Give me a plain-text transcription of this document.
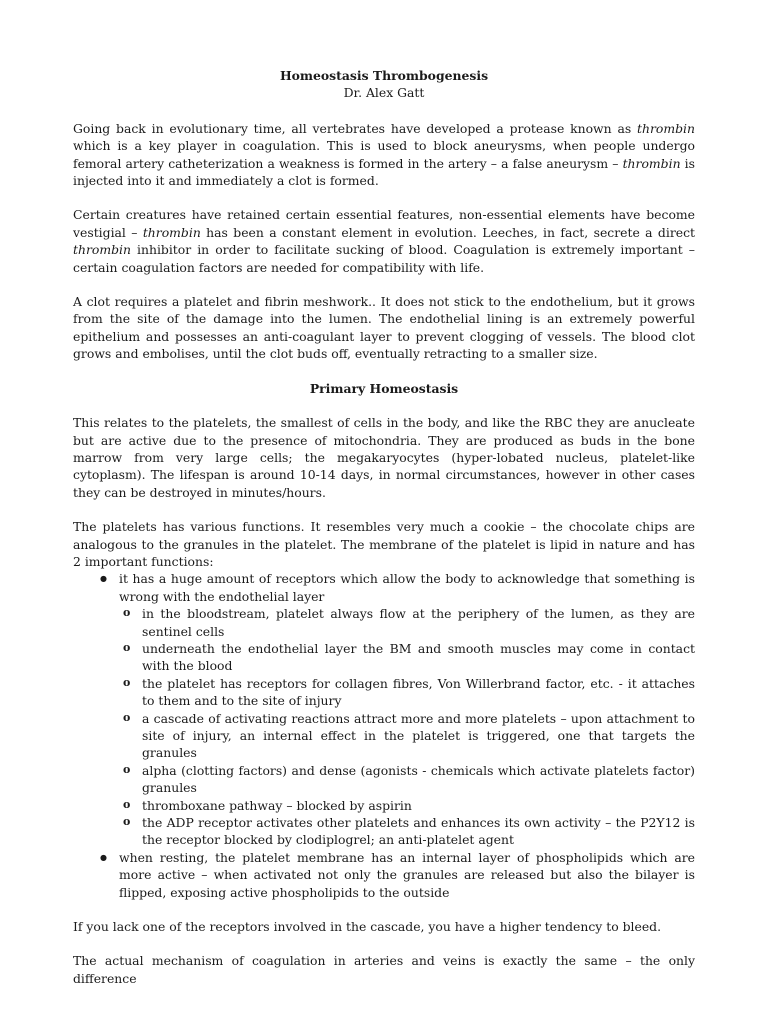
Homeostasis Thrombogenesis

Dr. Alex Gatt

Going back in evolutionary time, all vertebrates have developed a protease known as thrombin which is a key player in coagulation. This is used to block aneurysms, when people undergo femoral artery catheterization a weakness is formed in the artery – a false aneurysm – thrombin is injected into it and immediately a clot is formed.

Certain creatures have retained certain essential features, non-essential elements have become vestigial – thrombin has been a constant element in evolution. Leeches, in fact, secrete a direct thrombin inhibitor in order to facilitate sucking of blood. Coagulation is extremely important – certain coagulation factors are needed for compatibility with life.

A clot requires a platelet and fibrin meshwork.. It does not stick to the endothelium, but it grows from the site of the damage into the lumen. The endothelial lining is an extremely powerful epithelium and possesses an anti-coagulant layer to prevent clogging of vessels. The blood clot grows and embolises, until the clot buds off, eventually retracting to a smaller size.

Primary Homeostasis

This relates to the platelets, the smallest of cells in the body, and like the RBC they are anucleate but are active due to the presence of mitochondria. They are produced as buds in the bone marrow from very large cells; the megakaryocytes (hyper-lobated nucleus, platelet-like cytoplasm). The lifespan is around 10-14 days, in normal circumstances, however in other cases they can be destroyed in minutes/hours.

The platelets has various functions. It resembles very much a cookie – the chocolate chips are analogous to the granules in the platelet. The membrane of the platelet is lipid in nature and has 2 important functions:

● it has a huge amount of receptors which allow the body to acknowledge that something is wrong with the endothelial layer
o in the bloodstream, platelet always flow at the periphery of the lumen, as they are sentinel cells
o underneath the endothelial layer the BM and smooth muscles may come in contact with the blood
o the platelet has receptors for collagen fibres, Von Willerbrand factor, etc. - it attaches to them and to the site of injury
o a cascade of activating reactions attract more and more platelets – upon attachment to site of injury, an internal effect in the platelet is triggered, one that targets the granules
o alpha (clotting factors) and dense (agonists - chemicals which activate platelets factor) granules
o thromboxane pathway – blocked by aspirin
o the ADP receptor activates other platelets and enhances its own activity – the P2Y12 is the receptor blocked by clodiplogrel; an anti-platelet agent
● when resting, the platelet membrane has an internal layer of phospholipids which are more active – when activated not only the granules are released but also the bilayer is flipped, exposing active phospholipids to the outside

If you lack one of the receptors involved in the cascade, you have a higher tendency to bleed.

The actual mechanism of coagulation in arteries and veins is exactly the same – the only difference
